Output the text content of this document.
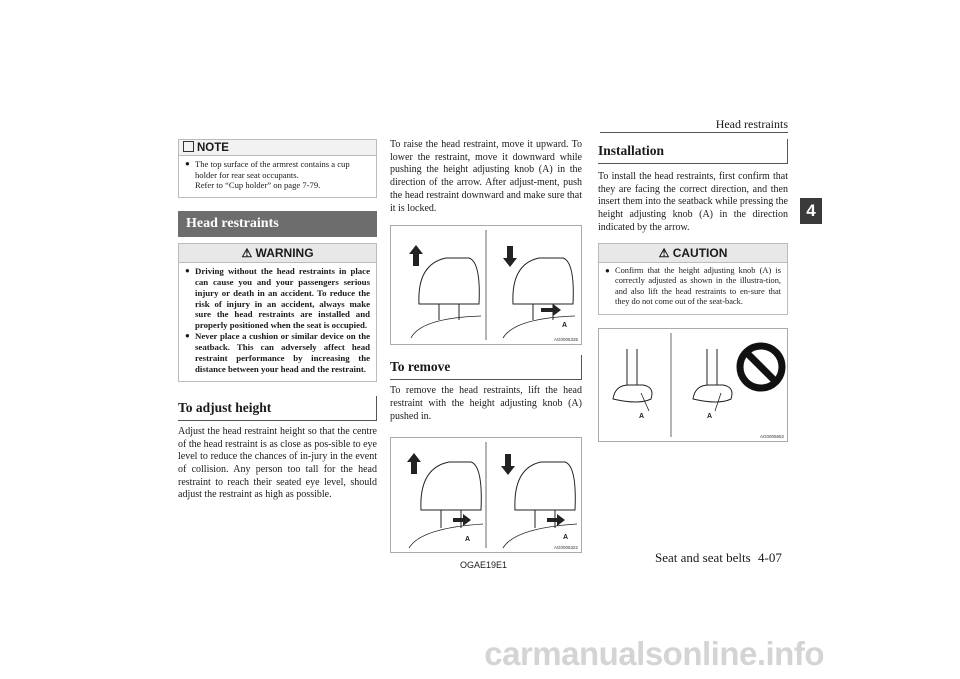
Head restraints
4
NOTE
● The top surface of the armrest contains a cup holder for rear seat occupants.
Refer to “Cup holder” on page 7-79.
Head restraints
⚠ WARNING
● Driving without the head restraints in place can cause you and your passengers serious injury or death in an accident. To reduce the risk of injury in an accident, always make sure the head restraints are installed and properly positioned when the seat is occupied.
● Never place a cushion or similar device on the seatback. This can adversely affect head restraint performance by increasing the distance between your head and the restraint.
To adjust height
Adjust the head restraint height so that the centre of the head restraint is as close as pos-sible to eye level to reduce the chances of in-jury in the event of collision. Any person too tall for the head restraint to reach their seated eye level, should adjust the restraint as high as possible.
To raise the head restraint, move it upward. To lower the restraint, move it downward while pushing the height adjusting knob (A) in the direction of the arrow. After adjust-ment, push the head restraint downward and make sure that it is locked.
A
AG0005335
To remove
To remove the head restraints, lift the head restraint with the height adjusting knob (A) pushed in.
A	A
AG0005322
Installation
To install the head restraints, first confirm that they are facing the correct direction, and then insert them into the seatback while pressing the height adjusting knob (A) in the direction indicated by the arrow.
⚠ CAUTION
● Confirm that the height adjusting knob (A) is correctly adjusted as shown in the illustra-tion, and also lift the head restraints to en-sure that they do not come out of the seat-back.
A	A
AG0005652
OGAE19E1	Seat and seat belts 4-07
carmanualsonline.info
